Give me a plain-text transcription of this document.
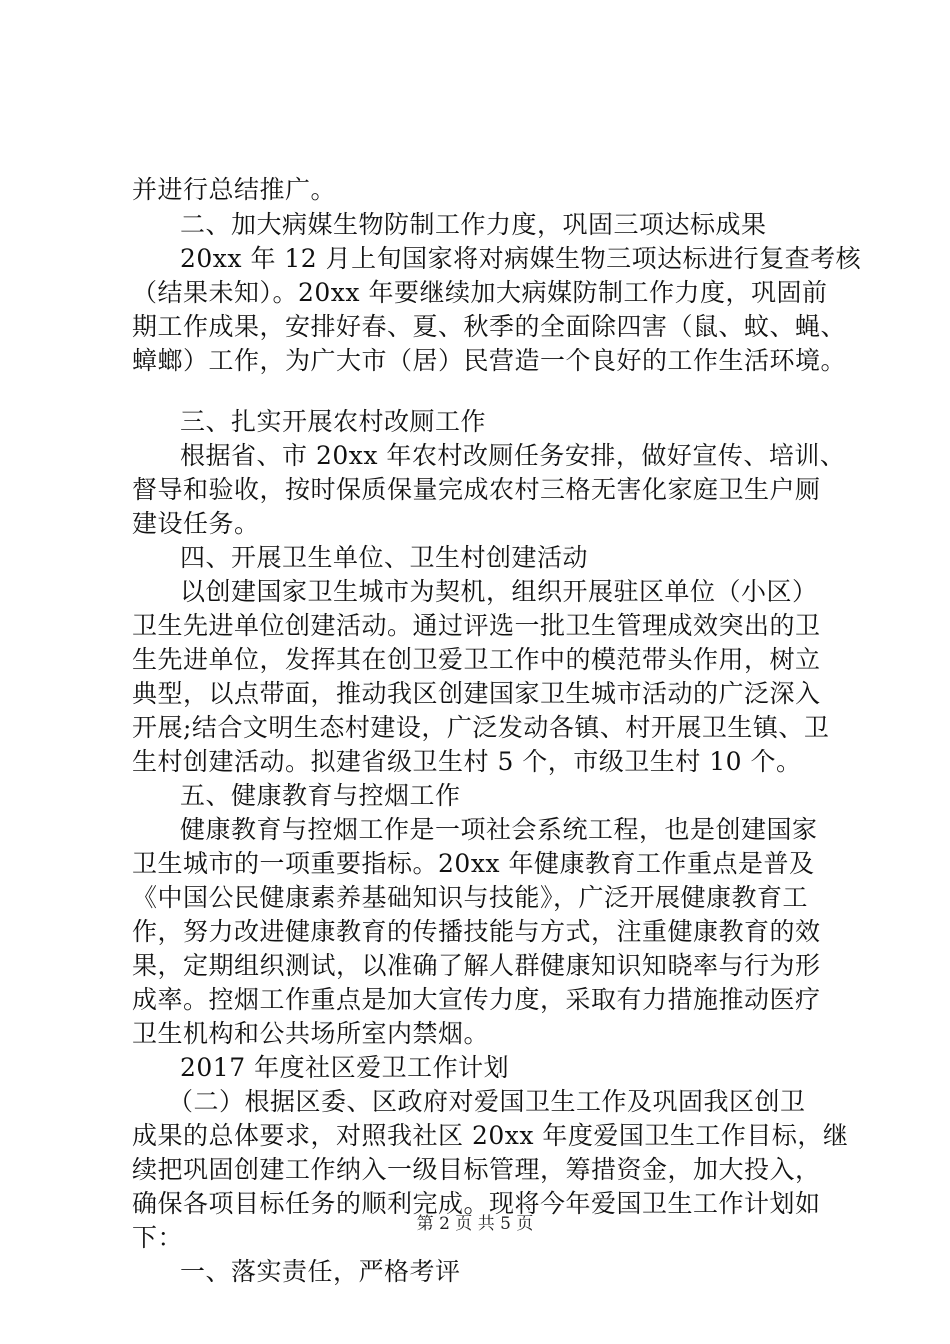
并进行总结推广。
二、加大病媒生物防制工作力度，巩固三项达标成果
20xx 年 12 月上旬国家将对病媒生物三项达标进行复查考核
（结果未知）。20xx 年要继续加大病媒防制工作力度，巩固前
期工作成果，安排好春、夏、秋季的全面除四害（鼠、蚊、蝇、
蟑螂）工作，为广大市（居）民营造一个良好的工作生活环境。
三、扎实开展农村改厕工作
根据省、市 20xx 年农村改厕任务安排，做好宣传、培训、
督导和验收，按时保质保量完成农村三格无害化家庭卫生户厕
建设任务。
四、开展卫生单位、卫生村创建活动
以创建国家卫生城市为契机，组织开展驻区单位（小区）
卫生先进单位创建活动。通过评选一批卫生管理成效突出的卫
生先进单位，发挥其在创卫爱卫工作中的模范带头作用，树立
典型，以点带面，推动我区创建国家卫生城市活动的广泛深入
开展;结合文明生态村建设，广泛发动各镇、村开展卫生镇、卫
生村创建活动。拟建省级卫生村 5 个，市级卫生村 10 个。
五、健康教育与控烟工作
健康教育与控烟工作是一项社会系统工程，也是创建国家
卫生城市的一项重要指标。20xx 年健康教育工作重点是普及
《中国公民健康素养基础知识与技能》，广泛开展健康教育工
作，努力改进健康教育的传播技能与方式，注重健康教育的效
果，定期组织测试，以准确了解人群健康知识知晓率与行为形
成率。控烟工作重点是加大宣传力度，采取有力措施推动医疗
卫生机构和公共场所室内禁烟。
2017 年度社区爱卫工作计划
（二）根据区委、区政府对爱国卫生工作及巩固我区创卫
成果的总体要求，对照我社区 20xx 年度爱国卫生工作目标，继
续把巩固创建工作纳入一级目标管理，筹措资金，加大投入，
确保各项目标任务的顺利完成。现将今年爱国卫生工作计划如
下：
一、落实责任，严格考评
第 2 页 共 5 页
